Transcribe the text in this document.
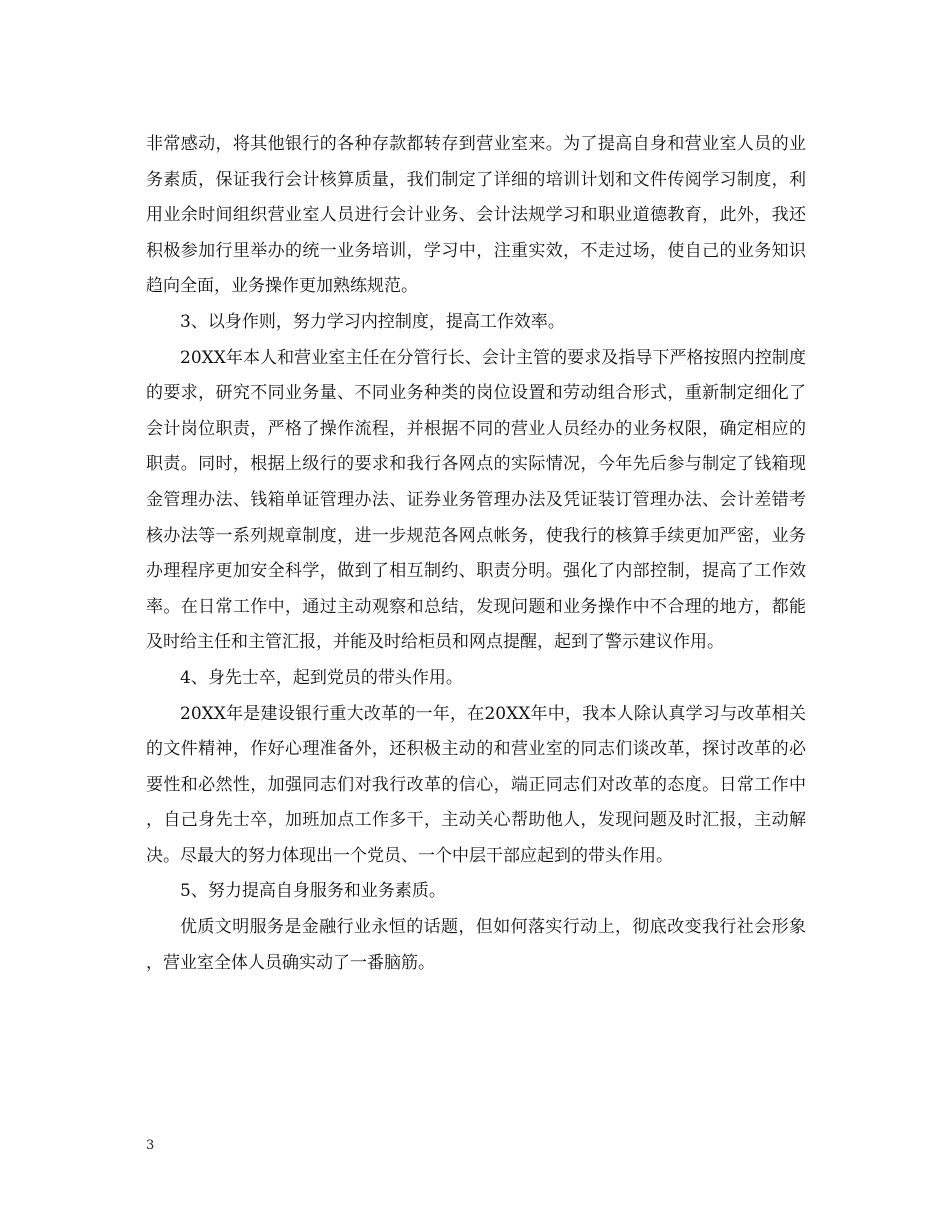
非常感动，将其他银行的各种存款都转存到营业室来。为了提高自身和营业室人员的业务素质，保证我行会计核算质量，我们制定了详细的培训计划和文件传阅学习制度，利用业余时间组织营业室人员进行会计业务、会计法规学习和职业道德教育，此外，我还积极参加行里举办的统一业务培训，学习中，注重实效，不走过场，使自己的业务知识趋向全面，业务操作更加熟练规范。

3、以身作则，努力学习内控制度，提高工作效率。

20XX年本人和营业室主任在分管行长、会计主管的要求及指导下严格按照内控制度的要求，研究不同业务量、不同业务种类的岗位设置和劳动组合形式，重新制定细化了会计岗位职责，严格了操作流程，并根据不同的营业人员经办的业务权限，确定相应的职责。同时，根据上级行的要求和我行各网点的实际情况，今年先后参与制定了钱箱现金管理办法、钱箱单证管理办法、证券业务管理办法及凭证装订管理办法、会计差错考核办法等一系列规章制度，进一步规范各网点帐务，使我行的核算手续更加严密，业务办理程序更加安全科学，做到了相互制约、职责分明。强化了内部控制，提高了工作效率。在日常工作中，通过主动观察和总结，发现问题和业务操作中不合理的地方，都能及时给主任和主管汇报，并能及时给柜员和网点提醒，起到了警示建议作用。

4、身先士卒，起到党员的带头作用。

20XX年是建设银行重大改革的一年，在20XX年中，我本人除认真学习与改革相关的文件精神，作好心理准备外，还积极主动的和营业室的同志们谈改革，探讨改革的必要性和必然性，加强同志们对我行改革的信心，端正同志们对改革的态度。日常工作中，自己身先士卒，加班加点工作多干，主动关心帮助他人，发现问题及时汇报，主动解决。尽最大的努力体现出一个党员、一个中层干部应起到的带头作用。

5、努力提高自身服务和业务素质。

优质文明服务是金融行业永恒的话题，但如何落实行动上，彻底改变我行社会形象，营业室全体人员确实动了一番脑筋。

3
